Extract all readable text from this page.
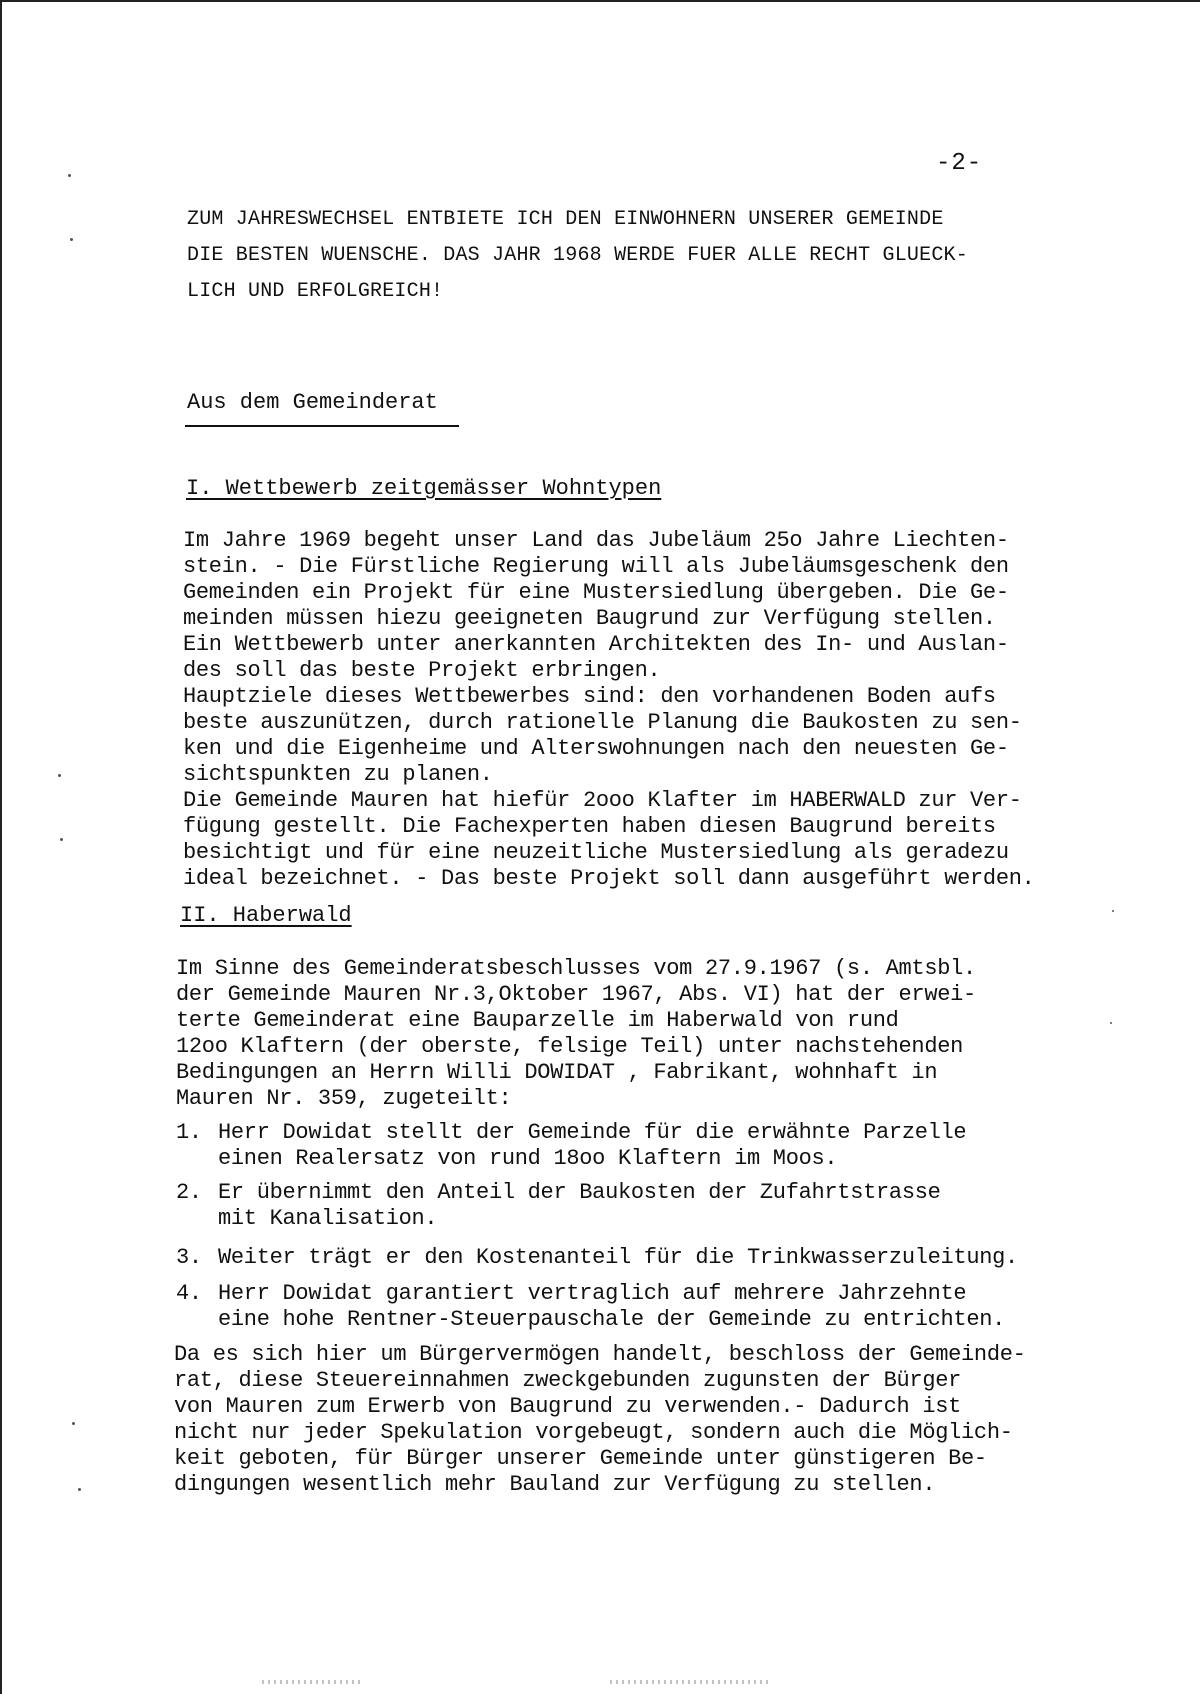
-2-
ZUM JAHRESWECHSEL ENTBIETE ICH DEN EINWOHNERN UNSERER GEMEINDE
DIE BESTEN WUENSCHE. DAS JAHR 1968 WERDE FUER ALLE RECHT GLUECK-
LICH UND ERFOLGREICH!
Aus dem Gemeinderat
I. Wettbewerb zeitgemässer Wohntypen
Im Jahre 1969 begeht unser Land das Jubeläum 25o Jahre Liechten-
stein. - Die Fürstliche Regierung will als Jubeläumsgeschenk den
Gemeinden ein Projekt für eine Mustersiedlung übergeben. Die Ge-
meinden müssen hiezu geeigneten Baugrund zur Verfügung stellen.
Ein Wettbewerb unter anerkannten Architekten des In- und Auslan-
des soll das beste Projekt erbringen.
Hauptziele dieses Wettbewerbes sind: den vorhandenen Boden aufs
beste auszunützen, durch rationelle Planung die Baukosten zu sen-
ken und die Eigenheime und Alterswohnungen nach den neuesten Ge-
sichtspunkten zu planen.
Die Gemeinde Mauren hat hiefür 2ooo Klafter im HABERWALD zur Ver-
fügung gestellt. Die Fachexperten haben diesen Baugrund bereits
besichtigt und für eine neuzeitliche Mustersiedlung als geradezu
ideal bezeichnet. - Das beste Projekt soll dann ausgeführt werden.
II. Haberwald
Im Sinne des Gemeinderatsbeschlusses vom 27.9.1967 (s. Amtsbl.
der Gemeinde Mauren Nr.3,Oktober 1967, Abs. VI) hat der erwei-
terte Gemeinderat eine Bauparzelle im Haberwald von rund
12oo Klaftern (der oberste, felsige Teil) unter nachstehenden
Bedingungen an Herrn Willi DOWIDAT , Fabrikant, wohnhaft in
Mauren Nr. 359, zugeteilt:
1. Herr Dowidat stellt der Gemeinde für die erwähnte Parzelle
einen Realersatz von rund 18oo Klaftern im Moos.
2. Er übernimmt den Anteil der Baukosten der Zufahrtstrasse
mit Kanalisation.
3. Weiter trägt er den Kostenanteil für die Trinkwasserzuleitung.
4. Herr Dowidat garantiert vertraglich auf mehrere Jahrzehnte
eine hohe Rentner-Steuerpauschale der Gemeinde zu entrichten.
Da es sich hier um Bürgervermögen handelt, beschloss der Gemeinde-
rat, diese Steuereinnahmen zweckgebunden zugunsten der Bürger
von Mauren zum Erwerb von Baugrund zu verwenden.- Dadurch ist
nicht nur jeder Spekulation vorgebeugt, sondern auch die Möglich-
keit geboten, für Bürger unserer Gemeinde unter günstigeren Be-
dingungen wesentlich mehr Bauland zur Verfügung zu stellen.
